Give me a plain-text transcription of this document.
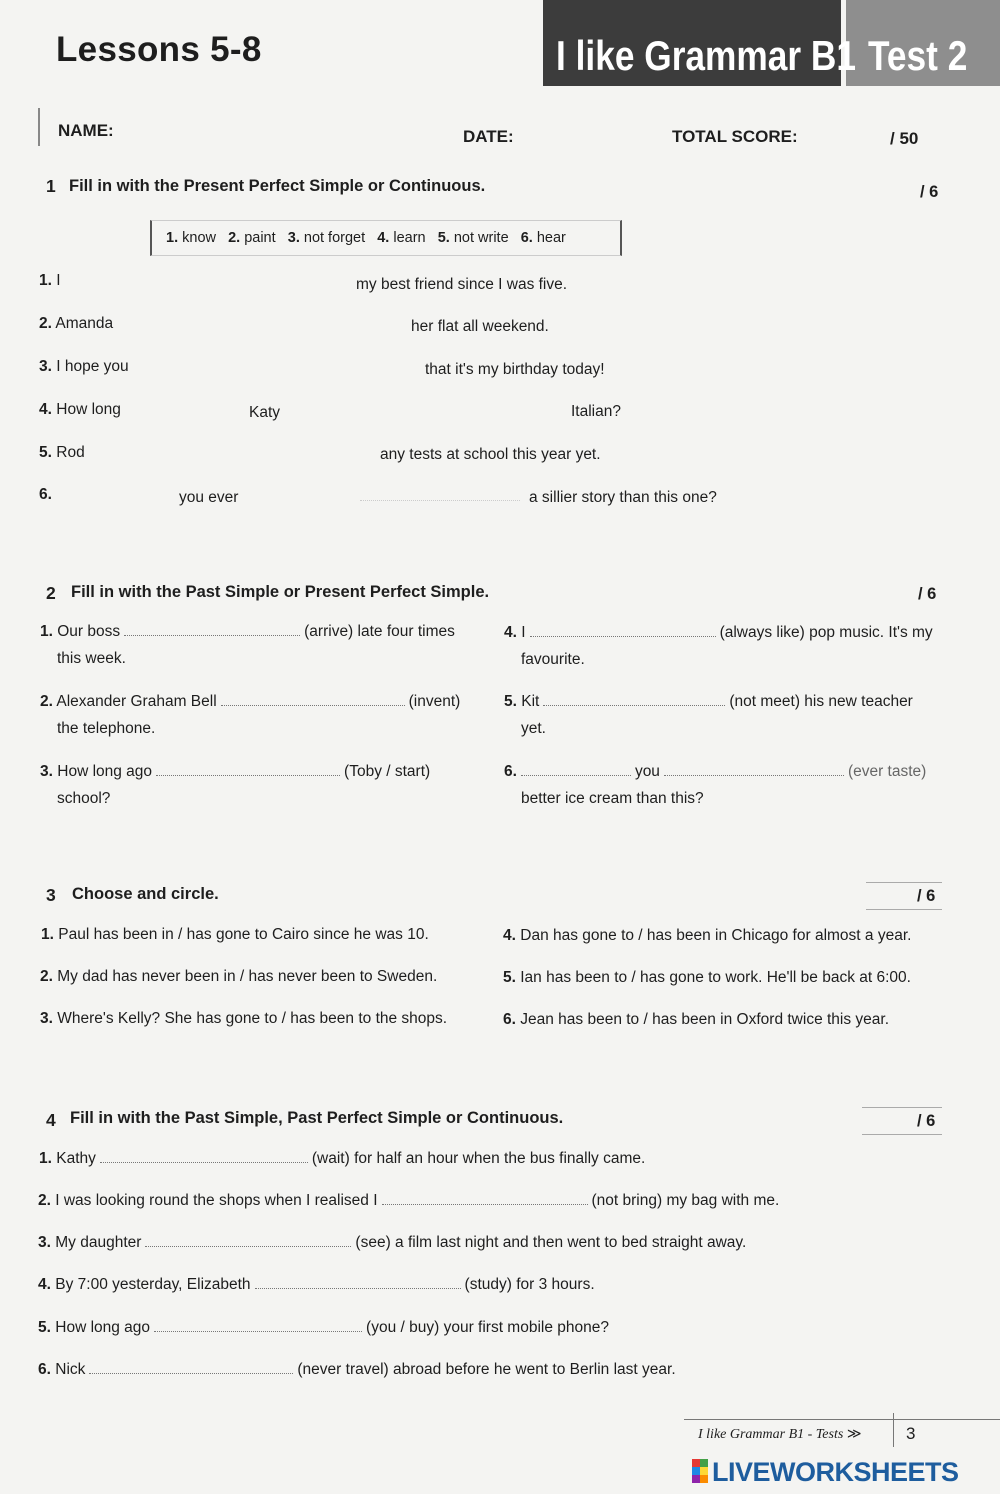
Lessons 5-8	I like Grammar B1 Test 2
NAME:	DATE:	TOTAL SCORE:	/ 50
1 Fill in with the Present Perfect Simple or Continuous.	/ 6
1. know 2. paint 3. not forget 4. learn 5. not write 6. hear
1. I	my best friend since I was five.
2. Amanda	her flat all weekend.
3. I hope you	that it's my birthday today!
4. How long	Katy	Italian?
5. Rod	any tests at school this year yet.
6.	you ever	a sillier story than this one?
2 Fill in with the Past Simple or Present Perfect Simple.	/ 6
1. Our boss	(arrive) late four times
this week.
2. Alexander Graham Bell	(invent)
the telephone.
3. How long ago	(Toby / start)
school?
4. I	(always like) pop music. It's my
favourite.
5. Kit	(not meet) his new teacher
yet.
6.	you	(ever taste)
better ice cream than this?
3 Choose and circle.	/ 6
1. Paul has been in / has gone to Cairo since he was 10.
2. My dad has never been in / has never been to Sweden.
3. Where's Kelly? She has gone to / has been to the shops.
4. Dan has gone to / has been in Chicago for almost a year.
5. Ian has been to / has gone to work. He'll be back at 6:00.
6. Jean has been to / has been in Oxford twice this year.
4 Fill in with the Past Simple, Past Perfect Simple or Continuous.	/ 6
1. Kathy	(wait) for half an hour when the bus finally came.
2. I was looking round the shops when I realised I	(not bring) my bag with me.
3. My daughter	(see) a film last night and then went to bed straight away.
4. By 7:00 yesterday, Elizabeth	(study) for 3 hours.
5. How long ago	(you / buy) your first mobile phone?
6. Nick	(never travel) abroad before he went to Berlin last year.
I like Grammar B1 - Tests ≫	3
LIVEWORKSHEETS
